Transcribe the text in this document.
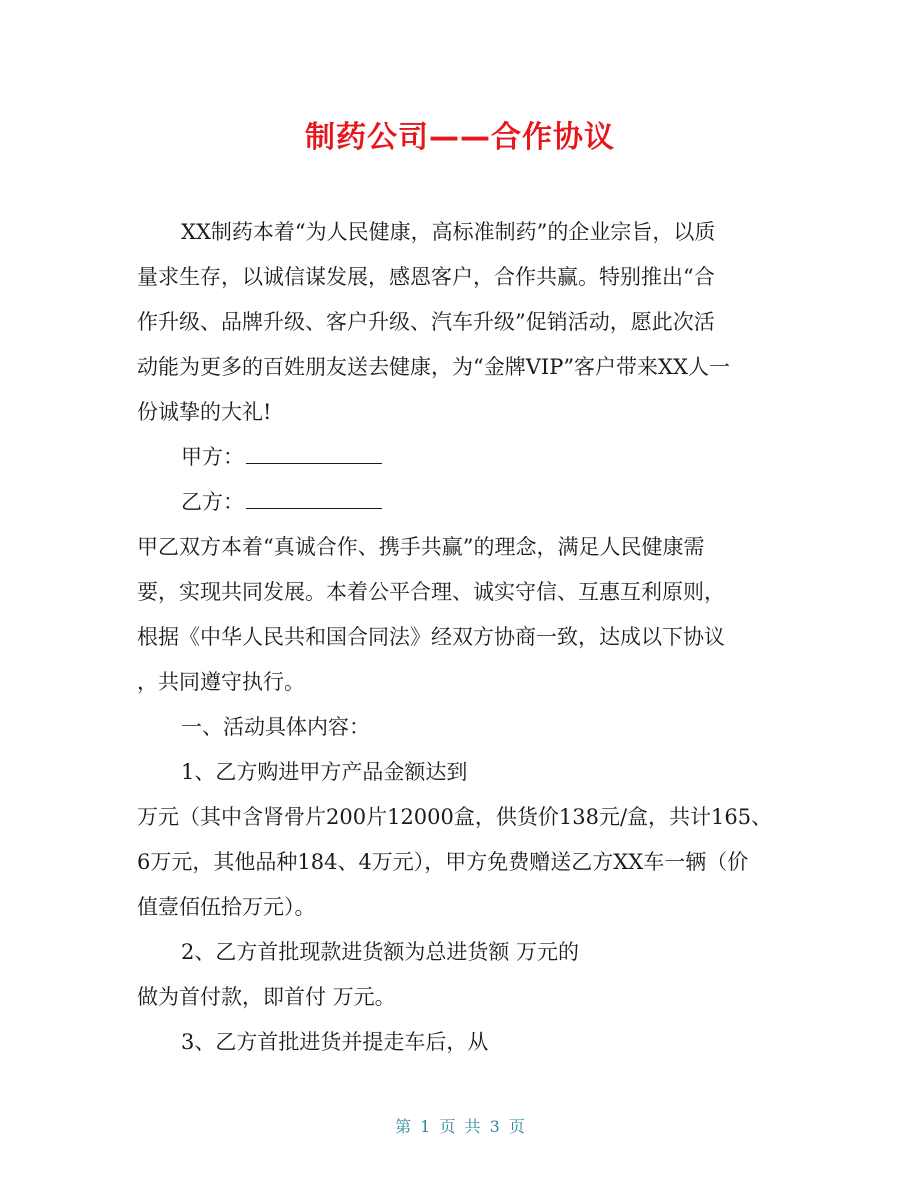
制药公司——合作协议

XX制药本着“为人民健康，高标准制药”的企业宗旨，以质
量求生存，以诚信谋发展，感恩客户，合作共赢。特别推出“合
作升级、品牌升级、客户升级、汽车升级”促销活动，愿此次活
动能为更多的百姓朋友送去健康，为“金牌VIP”客户带来XX人一
份诚挚的大礼!

甲方：

乙方：

甲乙双方本着“真诚合作、携手共赢”的理念，满足人民健康需
要，实现共同发展。本着公平合理、诚实守信、互惠互利原则，
根据《中华人民共和国合同法》经双方协商一致，达成以下协议
，共同遵守执行。

一、活动具体内容：

1、乙方购进甲方产品金额达到
万元（其中含肾骨片200片12000盒，供货价138元/盒，共计165、
6万元，其他品种184、4万元），甲方免费赠送乙方XX车一辆（价
值壹佰伍拾万元）。

2、乙方首批现款进货额为总进货额 万元的
做为首付款，即首付 万元。

3、乙方首批进货并提走车后，从

第 1 页 共 3 页
